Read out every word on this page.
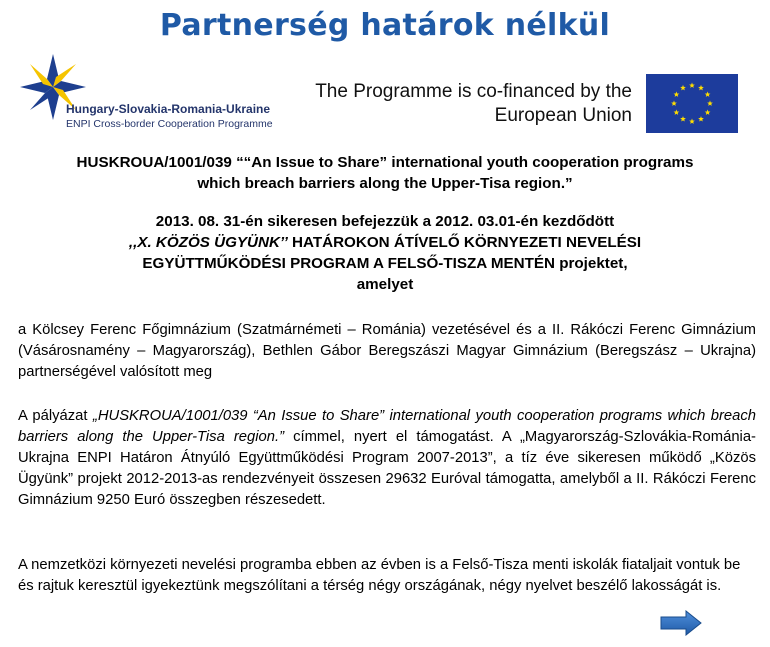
Partnerség határok nélkül
Hungary-Slovakia-Romania-Ukraine
ENPI Cross-border Cooperation Programme
The Programme is co-financed by the
European Union
HUSKROUA/1001/039 ““An Issue to Share” international youth cooperation programs
which breach barriers along the Upper-Tisa region.”
2013. 08. 31-én sikeresen befejezzük a 2012. 03.01-én kezdődött
,,X. KÖZÖS ÜGYÜNK’’ HATÁROKON ÁTÍVELŐ KÖRNYEZETI NEVELÉSI
EGYÜTTMŰKÖDÉSI PROGRAM A FELSŐ-TISZA MENTÉN projektet,
amelyet
a Kölcsey Ferenc Főgimnázium (Szatmárnémeti – Románia) vezetésével és a II. Rákóczi Ferenc Gimnázium (Vásárosnamény – Magyarország), Bethlen Gábor Beregszászi Magyar Gimnázium (Beregszász – Ukrajna) partnerségével valósított meg
A pályázat „HUSKROUA/1001/039 “An Issue to Share” international youth cooperation programs which breach barriers along the Upper-Tisa region.” címmel, nyert el támogatást. A „Magyarország-Szlovákia-Románia-Ukrajna ENPI Határon Átnyúló Együttműködési Program 2007-2013”, a tíz éve sikeresen működő „Közös Ügyünk” projekt 2012-2013-as rendezvényeit összesen 29632 Euróval támogatta, amelyből a II. Rákóczi Ferenc Gimnázium 9250 Euró összegben részesedett.
A nemzetközi környezeti nevelési programba ebben az évben is a Felső-Tisza menti iskolák fiataljait vontuk be és rajtuk keresztül igyekeztünk megszólítani a térség négy országának, négy nyelvet beszélő lakosságát is.
